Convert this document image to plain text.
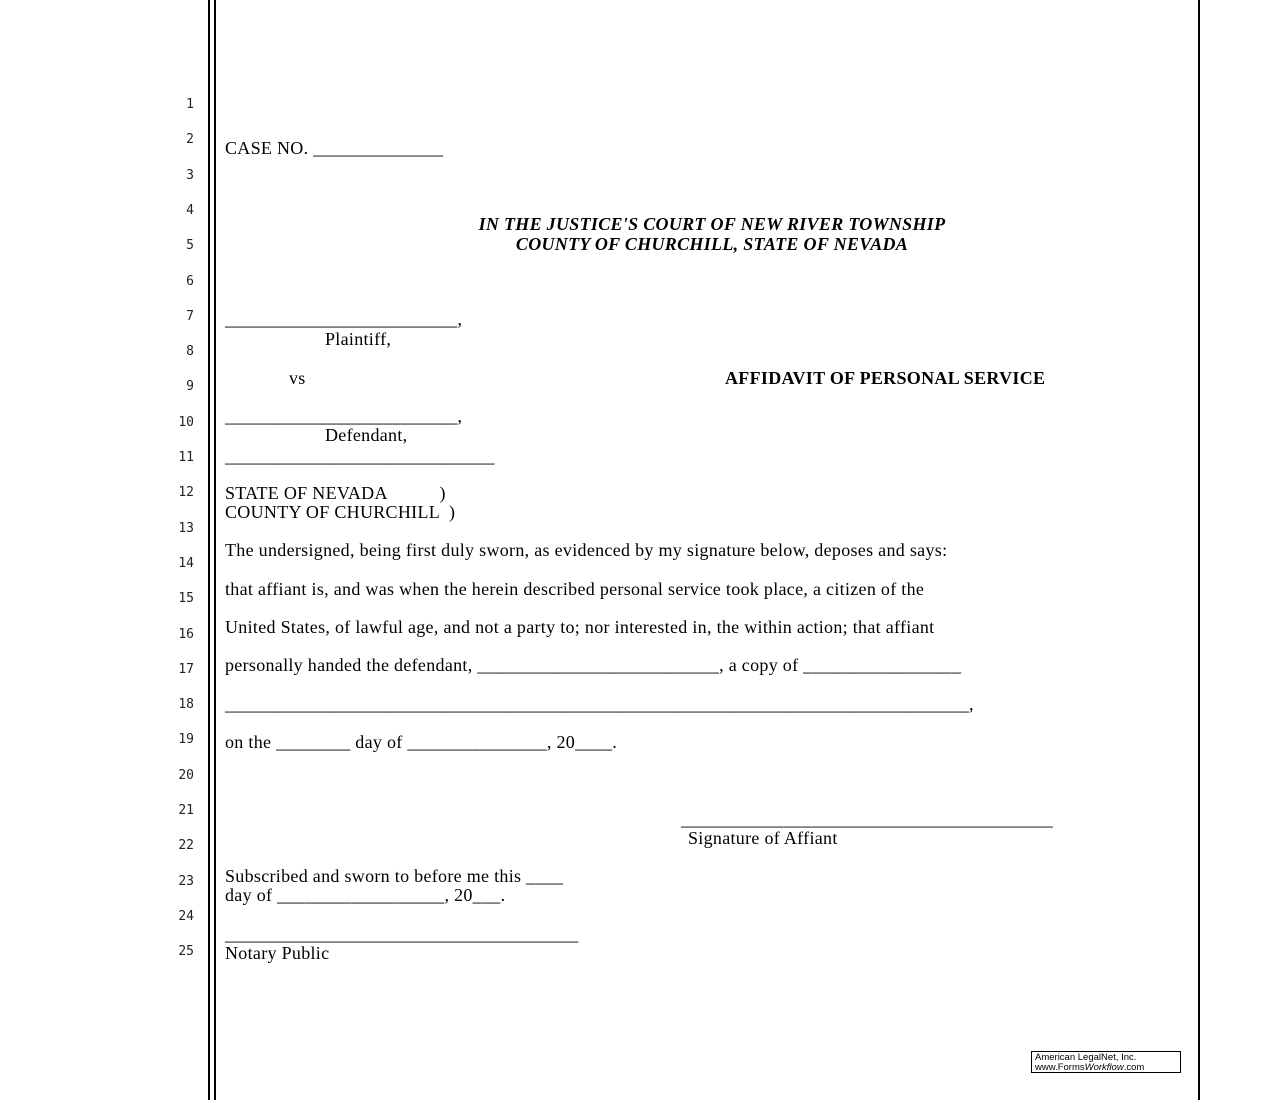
1
2
3
4
5
6
7
8
9
10
11
12
13
14
15
16
17
18
19
20
21
22
23
24
25
CASE NO. ______________
IN THE JUSTICE'S COURT OF NEW RIVER TOWNSHIP
COUNTY OF CHURCHILL, STATE OF NEVADA
_________________________,
Plaintiff,
vs	AFFIDAVIT OF PERSONAL SERVICE
_________________________,
Defendant,
_____________________________
STATE OF NEVADA           )
COUNTY OF CHURCHILL  )
The undersigned, being first duly sworn, as evidenced by my signature below, deposes and says:
that affiant is, and was when the herein described personal service took place, a citizen of the
United States, of lawful age, and not a party to; nor interested in, the within action; that affiant
personally handed the defendant, __________________________, a copy of _________________
________________________________________________________________________________,
on the ________ day of _______________, 20____.
________________________________________
Signature of Affiant
Subscribed and sworn to before me this ____
day of __________________, 20___.
______________________________________
Notary Public
American LegalNet, Inc.
www.FormsWorkflow.com
